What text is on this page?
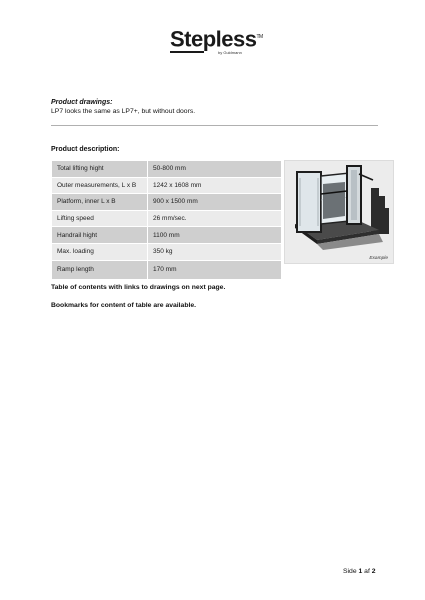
Stepless™
by Guldmann
Product drawings:
LP7 looks the same as LP7+, but without doors.
Product description:
Total lifting hight	50-800 mm
Outer measurements, L x B	1242 x 1608 mm
Platform, inner L x B	900 x 1500 mm
Lifting speed	26 mm/sec.
Handrail hight	1100 mm
Max. loading	350 kg
Ramp length	170 mm
Example
Table of contents with links to drawings on next page.
Bookmarks for content of table are available.
Side 1 af 2
